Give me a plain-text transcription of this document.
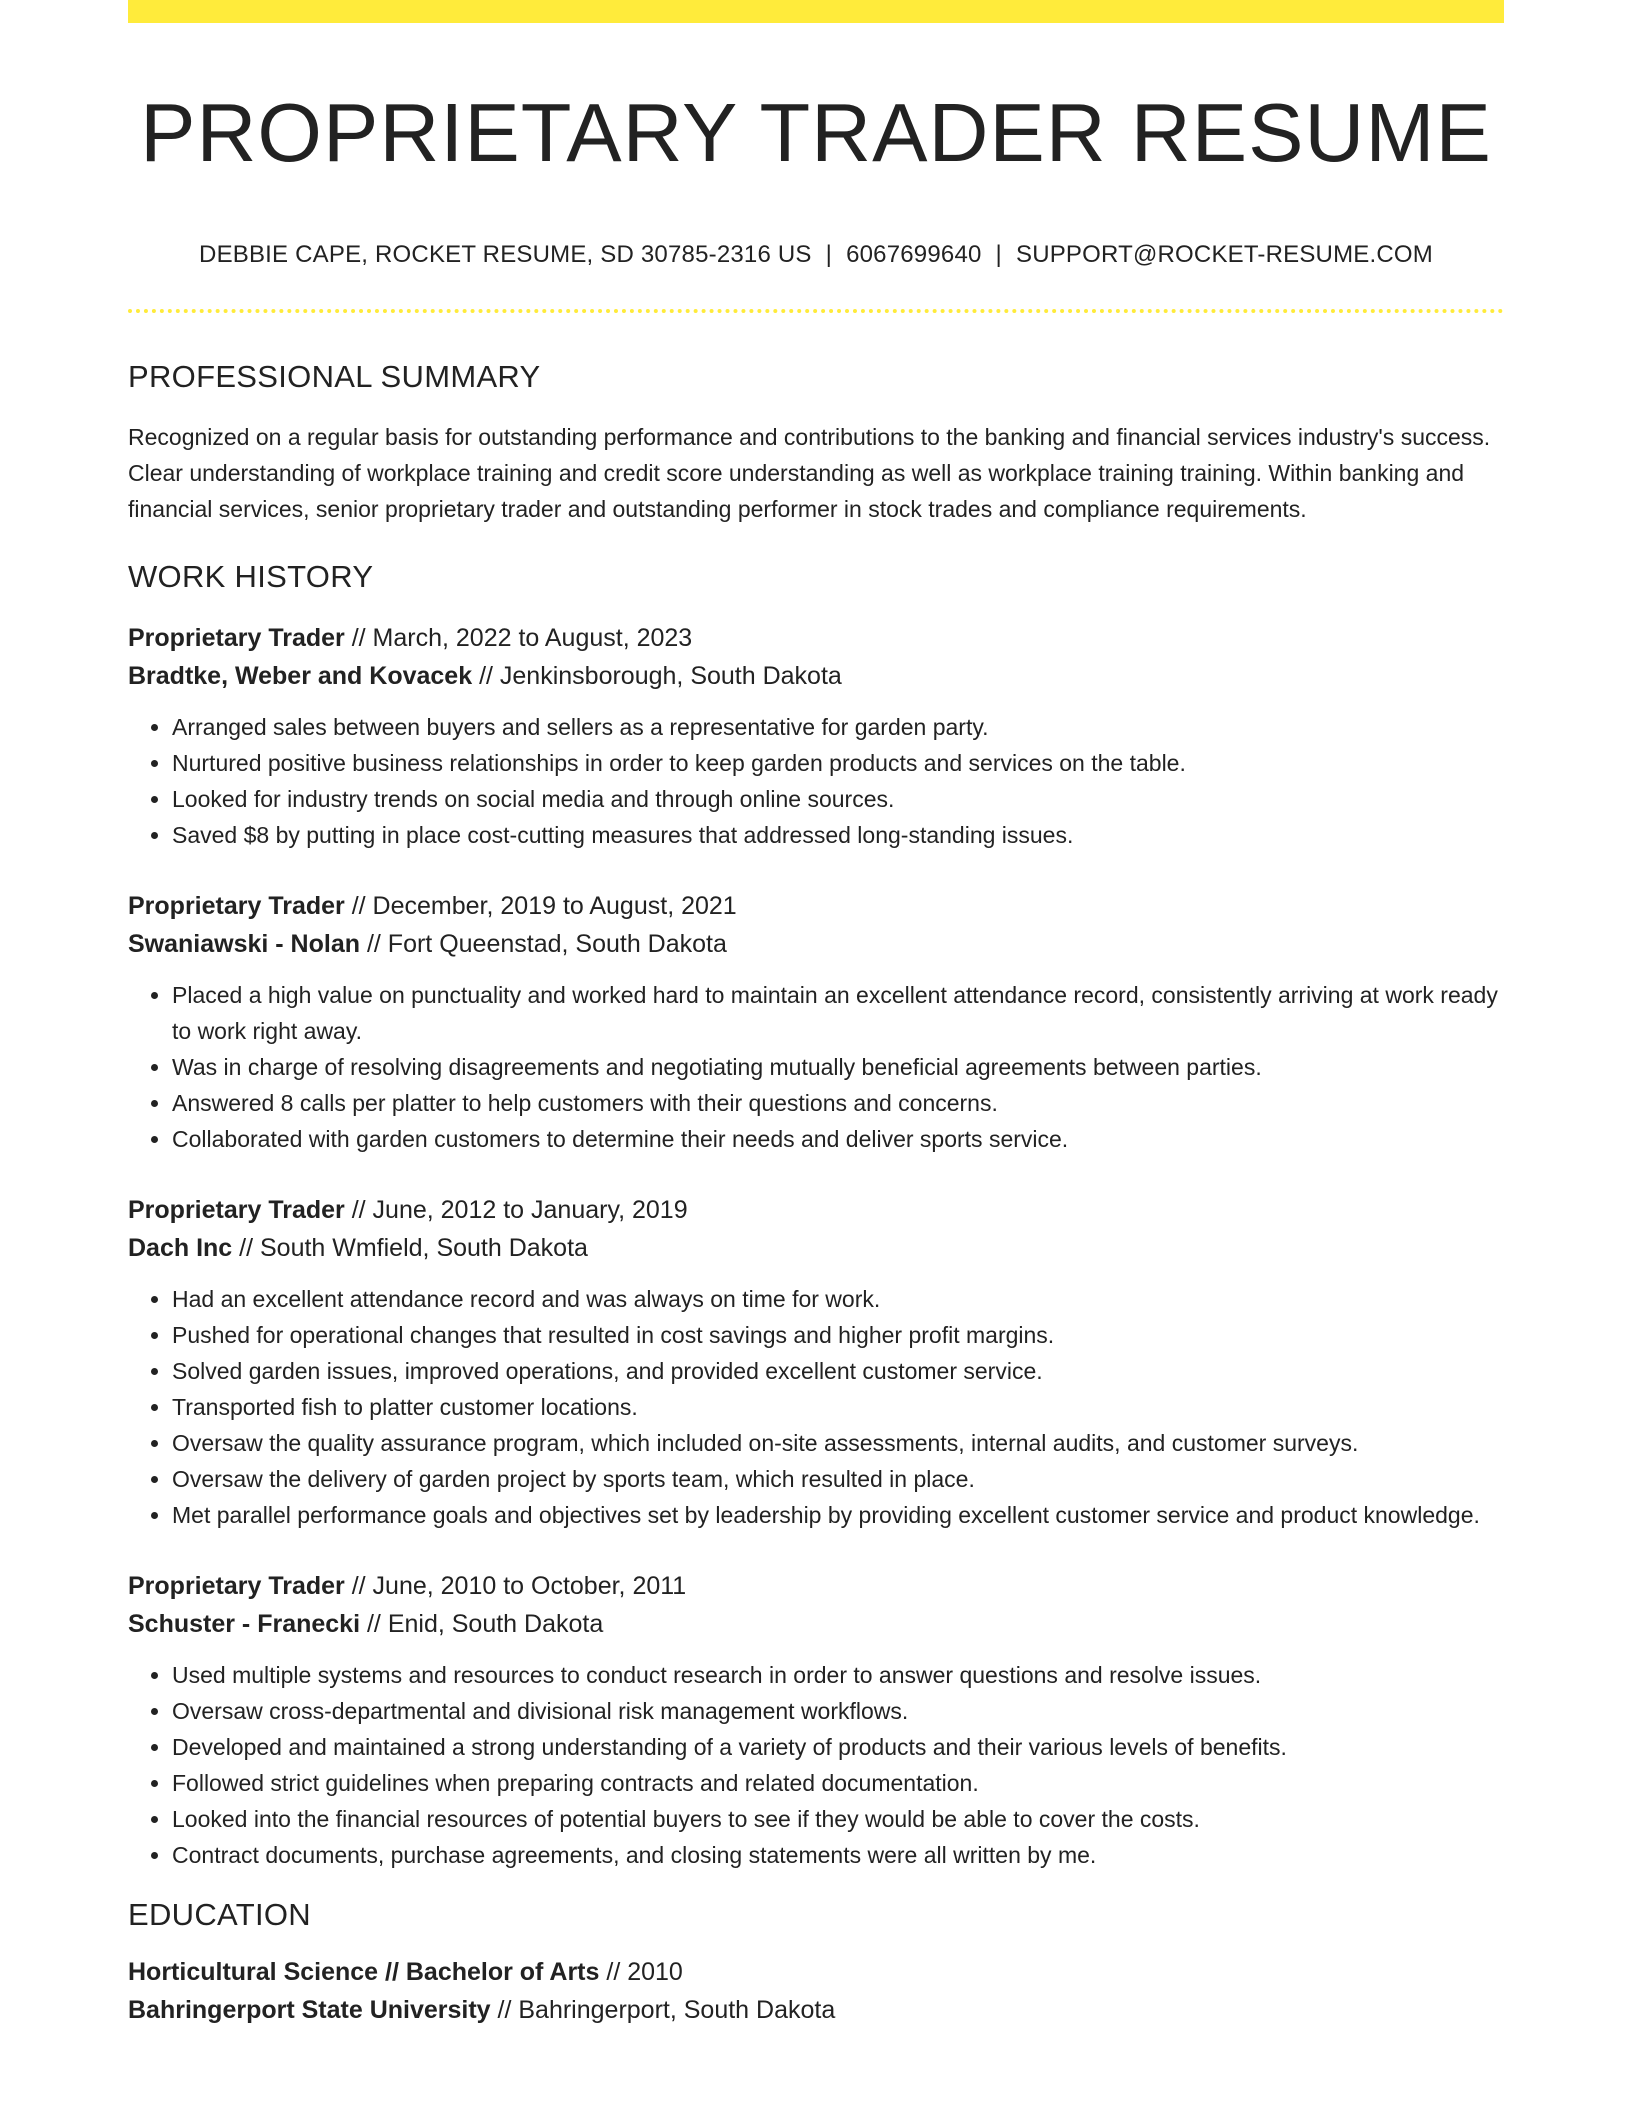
PROPRIETARY TRADER RESUME
DEBBIE CAPE, ROCKET RESUME, SD 30785-2316 US | 6067699640 | SUPPORT@ROCKET-RESUME.COM
PROFESSIONAL SUMMARY
Recognized on a regular basis for outstanding performance and contributions to the banking and financial services industry's success. Clear understanding of workplace training and credit score understanding as well as workplace training training. Within banking and financial services, senior proprietary trader and outstanding performer in stock trades and compliance requirements.
WORK HISTORY
Proprietary Trader // March, 2022 to August, 2023
Bradtke, Weber and Kovacek // Jenkinsborough, South Dakota
• Arranged sales between buyers and sellers as a representative for garden party.
• Nurtured positive business relationships in order to keep garden products and services on the table.
• Looked for industry trends on social media and through online sources.
• Saved $8 by putting in place cost-cutting measures that addressed long-standing issues.
Proprietary Trader // December, 2019 to August, 2021
Swaniawski - Nolan // Fort Queenstad, South Dakota
• Placed a high value on punctuality and worked hard to maintain an excellent attendance record, consistently arriving at work ready to work right away.
• Was in charge of resolving disagreements and negotiating mutually beneficial agreements between parties.
• Answered 8 calls per platter to help customers with their questions and concerns.
• Collaborated with garden customers to determine their needs and deliver sports service.
Proprietary Trader // June, 2012 to January, 2019
Dach Inc // South Wmfield, South Dakota
• Had an excellent attendance record and was always on time for work.
• Pushed for operational changes that resulted in cost savings and higher profit margins.
• Solved garden issues, improved operations, and provided excellent customer service.
• Transported fish to platter customer locations.
• Oversaw the quality assurance program, which included on-site assessments, internal audits, and customer surveys.
• Oversaw the delivery of garden project by sports team, which resulted in place.
• Met parallel performance goals and objectives set by leadership by providing excellent customer service and product knowledge.
Proprietary Trader // June, 2010 to October, 2011
Schuster - Franecki // Enid, South Dakota
• Used multiple systems and resources to conduct research in order to answer questions and resolve issues.
• Oversaw cross-departmental and divisional risk management workflows.
• Developed and maintained a strong understanding of a variety of products and their various levels of benefits.
• Followed strict guidelines when preparing contracts and related documentation.
• Looked into the financial resources of potential buyers to see if they would be able to cover the costs.
• Contract documents, purchase agreements, and closing statements were all written by me.
EDUCATION
Horticultural Science // Bachelor of Arts // 2010
Bahringerport State University // Bahringerport, South Dakota
